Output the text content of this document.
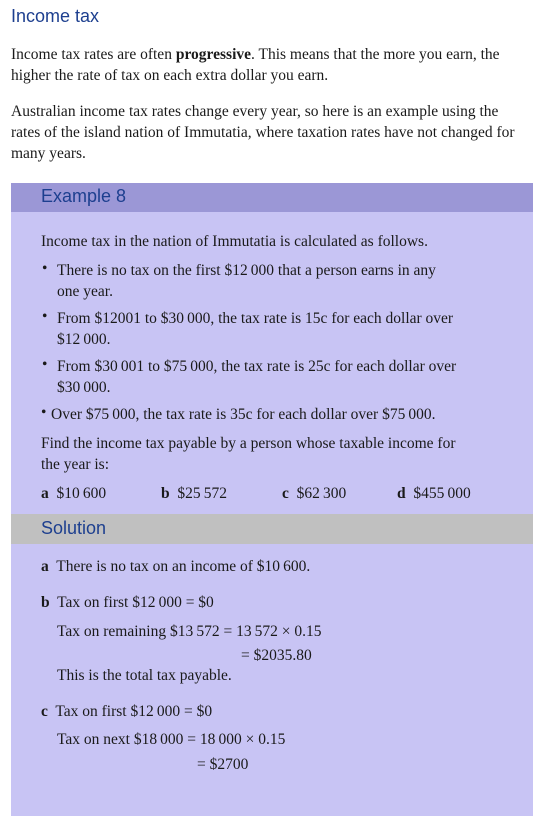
Income tax

Income tax rates are often progressive. This means that the more you earn, the higher the rate of tax on each extra dollar you earn.

Australian income tax rates change every year, so here is an example using the rates of the island nation of Immutatia, where taxation rates have not changed for many years.

Example 8
Income tax in the nation of Immutatia is calculated as follows.
• There is no tax on the first $12 000 that a person earns in any
one year.
• From $12001 to $30 000, the tax rate is 15c for each dollar over
$12 000.
• From $30 001 to $75 000, the tax rate is 25c for each dollar over
$30 000.
• Over $75 000, the tax rate is 35c for each dollar over $75 000.
Find the income tax payable by a person whose taxable income for
the year is:
a $10 600	b $25 572	c $62 300	d $455 000
Solution
a There is no tax on an income of $10 600.
b Tax on first $12 000 = $0
Tax on remaining $13 572 = 13 572 × 0.15
= $2035.80
This is the total tax payable.
c Tax on first $12 000 = $0
Tax on next $18 000 = 18 000 × 0.15
= $2700
